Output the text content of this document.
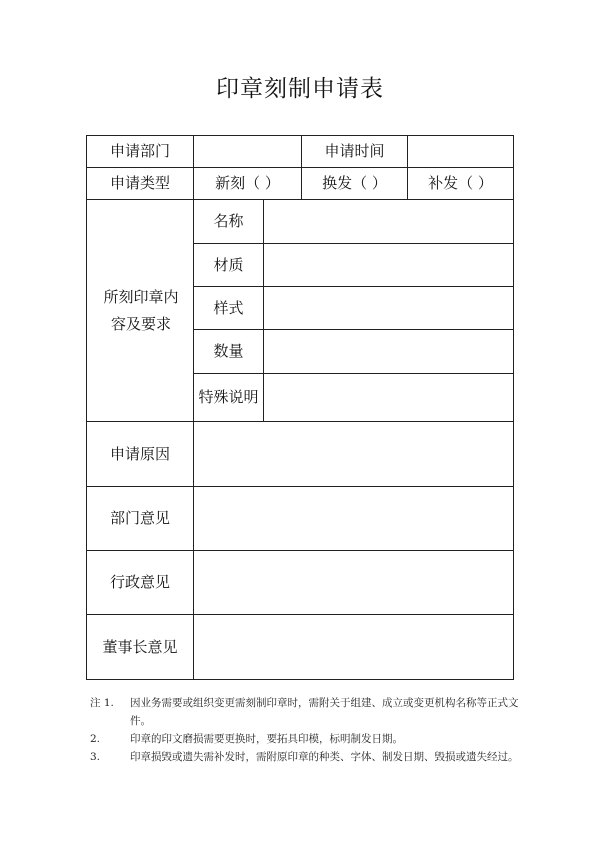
印章刻制申请表
申请部门	申请时间
申请类型	新刻（ ）	换发（ ）	补发（ ）
所刻印章内容及要求
名称
材质
样式
数量
特殊说明
申请原因
部门意见
行政意见
董事长意见
注 1.	因业务需要或组织变更需刻制印章时，需附关于组建、成立或变更机构名称等正式文件。
2.	印章的印文磨损需要更换时，要拓具印模，标明制发日期。
3.	印章损毁或遗失需补发时，需附原印章的种类、字体、制发日期、毁损或遗失经过。
